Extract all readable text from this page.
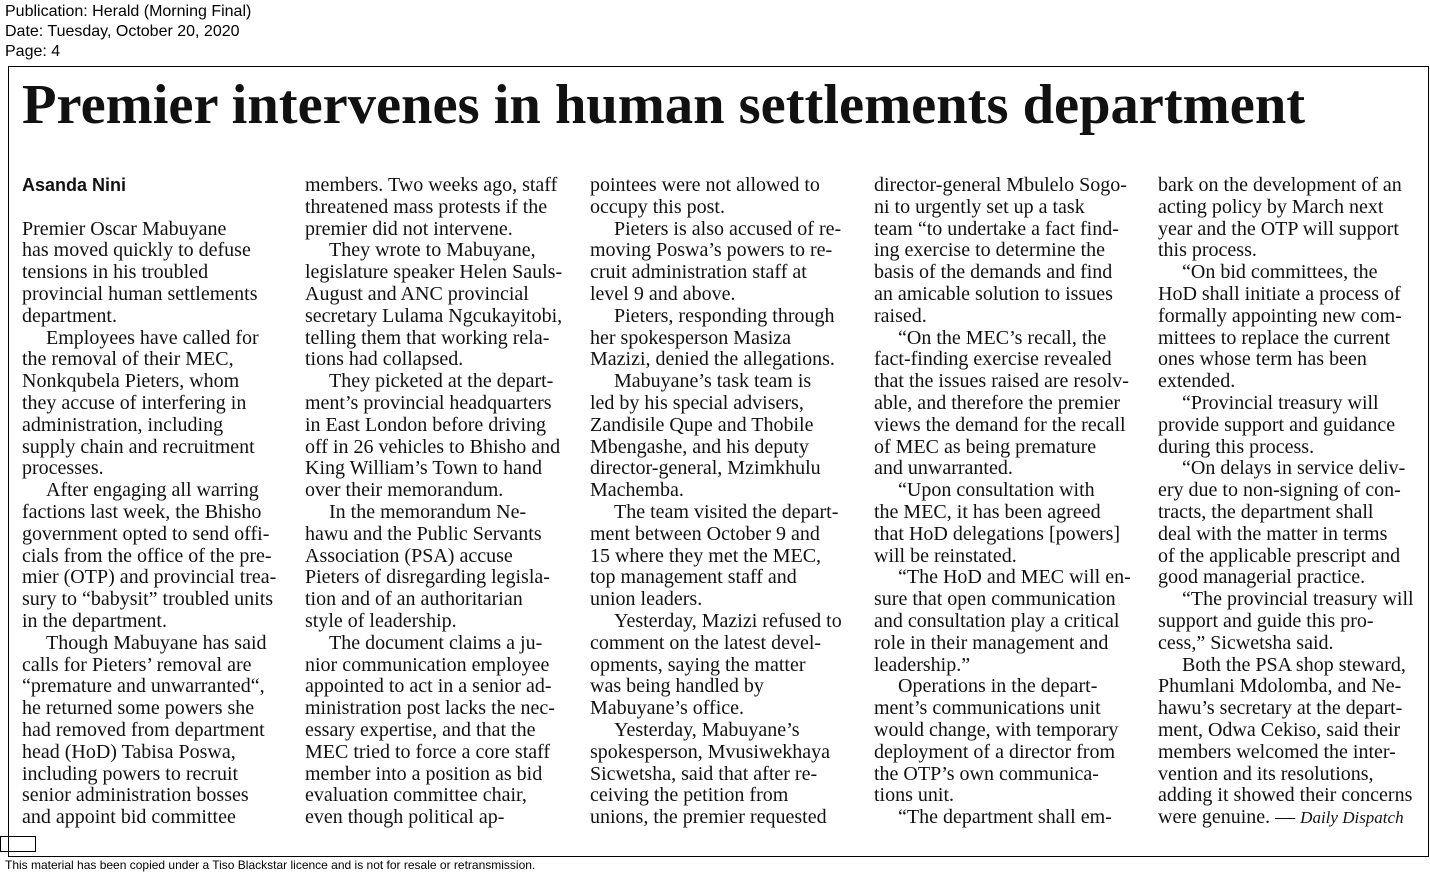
Publication: Herald (Morning Final)
Date: Tuesday, October 20, 2020
Page: 4
Premier intervenes in human settlements department
Asanda Nini
Premier Oscar Mabuyane
has moved quickly to defuse
tensions in his troubled
provincial human settlements
department.
Employees have called for
the removal of their MEC,
Nonkqubela Pieters, whom
they accuse of interfering in
administration, including
supply chain and recruitment
processes.
After engaging all warring
factions last week, the Bhisho
government opted to send offi-
cials from the office of the pre-
mier (OTP) and provincial trea-
sury to “babysit” troubled units
in the department.
Though Mabuyane has said
calls for Pieters’ removal are
“premature and unwarranted“,
he returned some powers she
had removed from department
head (HoD) Tabisa Poswa,
including powers to recruit
senior administration bosses
and appoint bid committee
members. Two weeks ago, staff
threatened mass protests if the
premier did not intervene.
They wrote to Mabuyane,
legislature speaker Helen Sauls-
August and ANC provincial
secretary Lulama Ngcukayitobi,
telling them that working rela-
tions had collapsed.
They picketed at the depart-
ment’s provincial headquarters
in East London before driving
off in 26 vehicles to Bhisho and
King William’s Town to hand
over their memorandum.
In the memorandum Ne-
hawu and the Public Servants
Association (PSA) accuse
Pieters of disregarding legisla-
tion and of an authoritarian
style of leadership.
The document claims a ju-
nior communication employee
appointed to act in a senior ad-
ministration post lacks the nec-
essary expertise, and that the
MEC tried to force a core staff
member into a position as bid
evaluation committee chair,
even though political ap-
pointees were not allowed to
occupy this post.
Pieters is also accused of re-
moving Poswa’s powers to re-
cruit administration staff at
level 9 and above.
Pieters, responding through
her spokesperson Masiza
Mazizi, denied the allegations.
Mabuyane’s task team is
led by his special advisers,
Zandisile Qupe and Thobile
Mbengashe, and his deputy
director-general, Mzimkhulu
Machemba.
The team visited the depart-
ment between October 9 and
15 where they met the MEC,
top management staff and
union leaders.
Yesterday, Mazizi refused to
comment on the latest devel-
opments, saying the matter
was being handled by
Mabuyane’s office.
Yesterday, Mabuyane’s
spokesperson, Mvusiwekhaya
Sicwetsha, said that after re-
ceiving the petition from
unions, the premier requested
director-general Mbulelo Sogo-
ni to urgently set up a task
team “to undertake a fact find-
ing exercise to determine the
basis of the demands and find
an amicable solution to issues
raised.
“On the MEC’s recall, the
fact-finding exercise revealed
that the issues raised are resolv-
able, and therefore the premier
views the demand for the recall
of MEC as being premature
and unwarranted.
“Upon consultation with
the MEC, it has been agreed
that HoD delegations [powers]
will be reinstated.
“The HoD and MEC will en-
sure that open communication
and consultation play a critical
role in their management and
leadership.”
Operations in the depart-
ment’s communications unit
would change, with temporary
deployment of a director from
the OTP’s own communica-
tions unit.
“The department shall em-
bark on the development of an
acting policy by March next
year and the OTP will support
this process.
“On bid committees, the
HoD shall initiate a process of
formally appointing new com-
mittees to replace the current
ones whose term has been
extended.
“Provincial treasury will
provide support and guidance
during this process.
“On delays in service deliv-
ery due to non-signing of con-
tracts, the department shall
deal with the matter in terms
of the applicable prescript and
good managerial practice.
“The provincial treasury will
support and guide this pro-
cess,” Sicwetsha said.
Both the PSA shop steward,
Phumlani Mdolomba, and Ne-
hawu’s secretary at the depart-
ment, Odwa Cekiso, said their
members welcomed the inter-
vention and its resolutions,
adding it showed their concerns
were genuine. — Daily Dispatch
This material has been copied under a Tiso Blackstar licence and is not for resale or retransmission.
